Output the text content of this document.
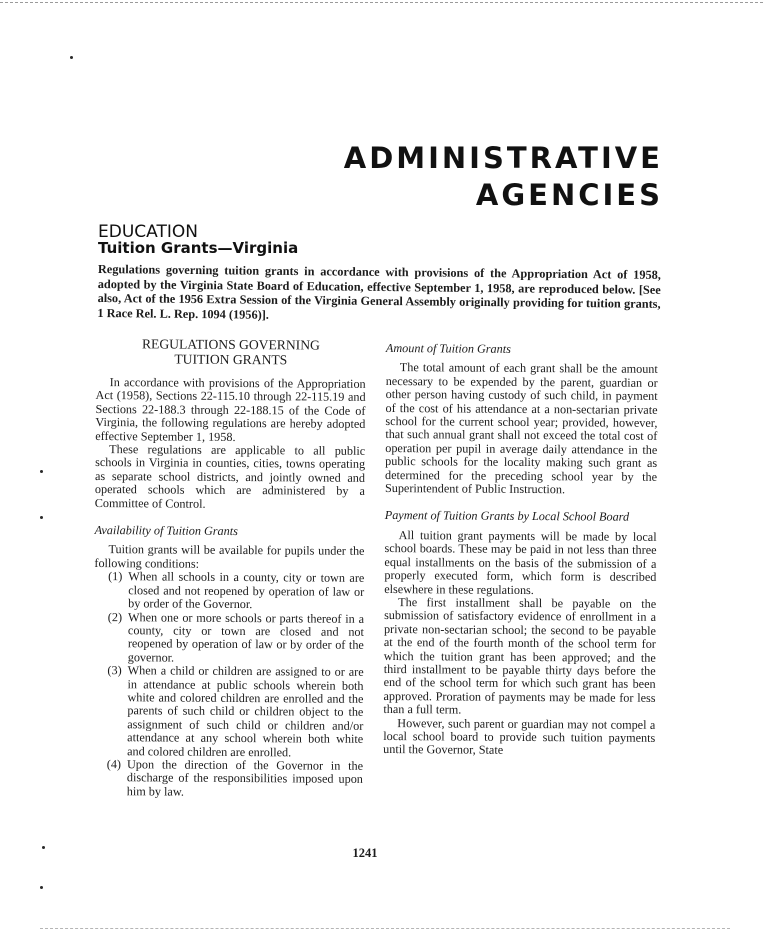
ADMINISTRATIVE
AGENCIES
EDUCATION
Tuition Grants—Virginia
Regulations governing tuition grants in accordance with provisions of the Appropriation Act of 1958, adopted by the Virginia State Board of Education, effective September 1, 1958, are reproduced below. [See also, Act of the 1956 Extra Session of the Virginia General Assembly originally providing for tuition grants, 1 Race Rel. L. Rep. 1094 (1956)].
REGULATIONS GOVERNING
TUITION GRANTS

In accordance with provisions of the Appropriation Act (1958), Sections 22-115.10 through 22-115.19 and Sections 22-188.3 through 22-188.15 of the Code of Virginia, the following regulations are hereby adopted effective September 1, 1958.

These regulations are applicable to all public schools in Virginia in counties, cities, towns operating as separate school districts, and jointly owned and operated schools which are administered by a Committee of Control.

Availability of Tuition Grants

Tuition grants will be available for pupils under the following conditions:

(1) When all schools in a county, city or town are closed and not reopened by operation of law or by order of the Governor.
(2) When one or more schools or parts thereof in a county, city or town are closed and not reopened by operation of law or by order of the governor.
(3) When a child or children are assigned to or are in attendance at public schools wherein both white and colored children are enrolled and the parents of such child or children object to the assignment of such child or children and/or attendance at any school wherein both white and colored children are enrolled.
(4) Upon the direction of the Governor in the discharge of the responsibilities imposed upon him by law.
Amount of Tuition Grants

The total amount of each grant shall be the amount necessary to be expended by the parent, guardian or other person having custody of such child, in payment of the cost of his attendance at a non-sectarian private school for the current school year; provided, however, that such annual grant shall not exceed the total cost of operation per pupil in average daily attendance in the public schools for the locality making such grant as determined for the preceding school year by the Superintendent of Public Instruction.

Payment of Tuition Grants by Local School Board

All tuition grant payments will be made by local school boards. These may be paid in not less than three equal installments on the basis of the submission of a properly executed form, which form is described elsewhere in these regulations.

The first installment shall be payable on the submission of satisfactory evidence of enrollment in a private non-sectarian school; the second to be payable at the end of the fourth month of the school term for which the tuition grant has been approved; and the third installment to be payable thirty days before the end of the school term for which such grant has been approved. Proration of payments may be made for less than a full term.

However, such parent or guardian may not compel a local school board to provide such tuition payments until the Governor, State

1241
